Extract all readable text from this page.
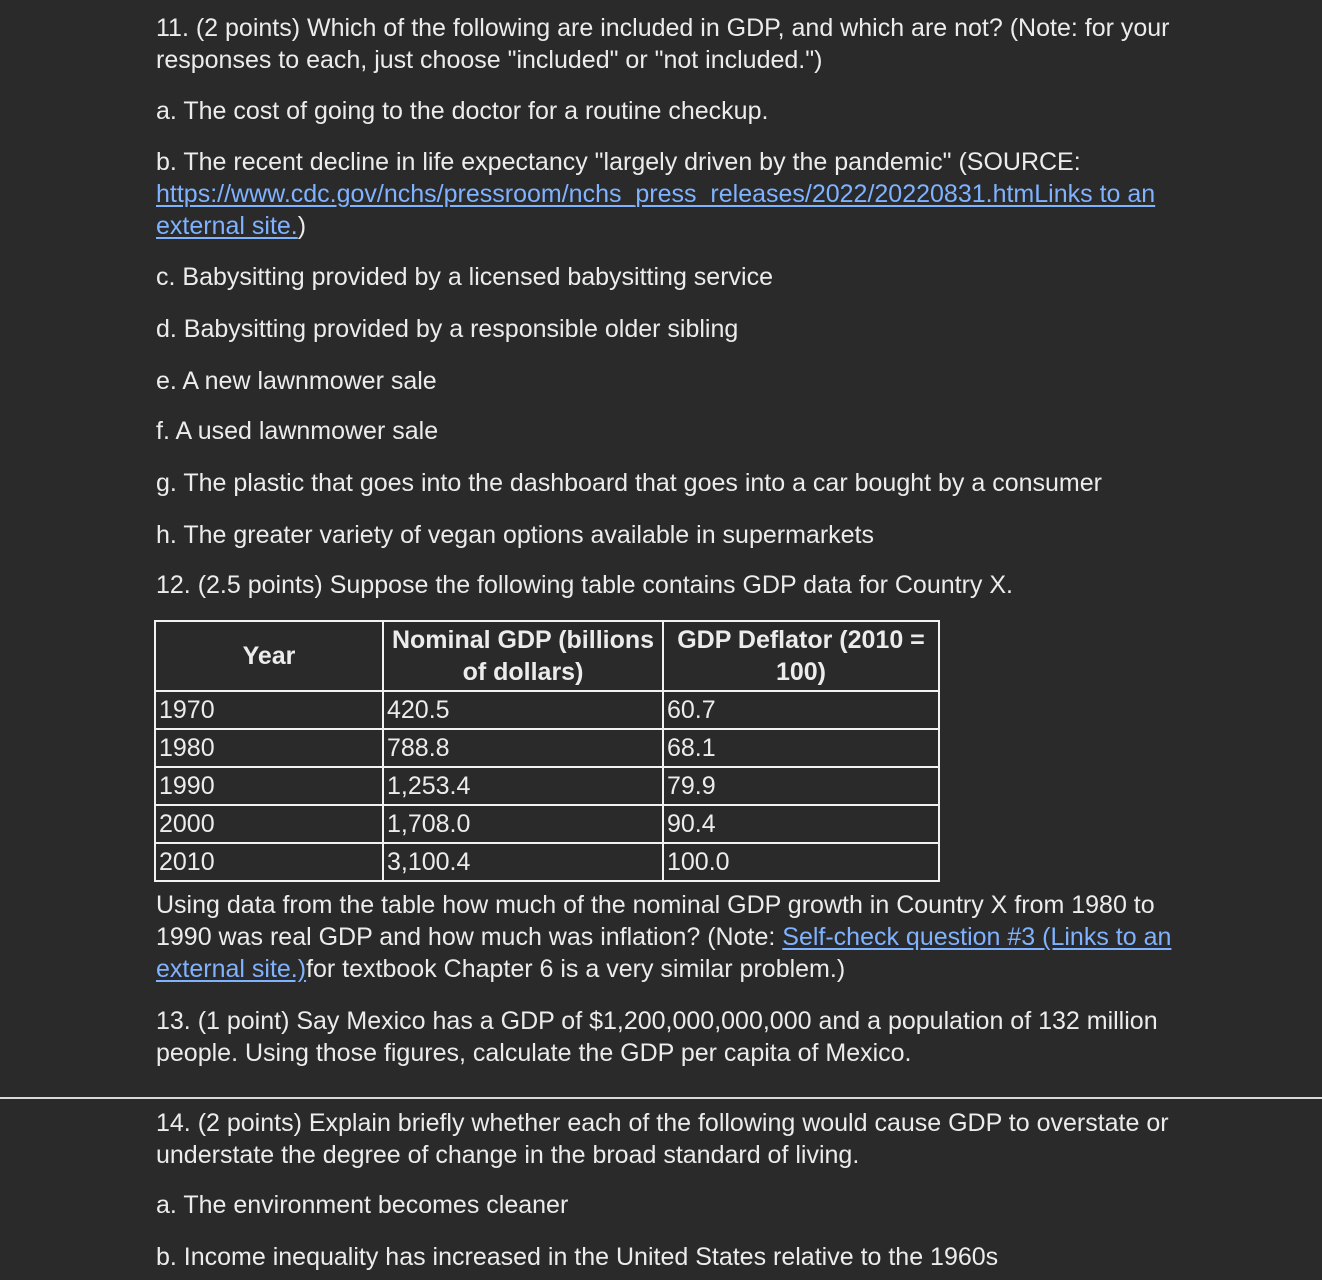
11. (2 points) Which of the following are included in GDP, and which are not? (Note: for your responses to each, just choose "included" or "not included.")
a. The cost of going to the doctor for a routine checkup.
b. The recent decline in life expectancy "largely driven by the pandemic" (SOURCE: https://www.cdc.gov/nchs/pressroom/nchs_press_releases/2022/20220831.htmLinks to an external site.)
c. Babysitting provided by a licensed babysitting service
d. Babysitting provided by a responsible older sibling
e. A new lawnmower sale
f. A used lawnmower sale
g. The plastic that goes into the dashboard that goes into a car bought by a consumer
h. The greater variety of vegan options available in supermarkets
12. (2.5 points) Suppose the following table contains GDP data for Country X.
Using data from the table how much of the nominal GDP growth in Country X from 1980 to 1990 was real GDP and how much was inflation? (Note: Self-check question #3 (Links to an external site.)for textbook Chapter 6 is a very similar problem.)
13. (1 point) Say Mexico has a GDP of $1,200,000,000,000 and a population of 132 million people. Using those figures, calculate the GDP per capita of Mexico.
14. (2 points) Explain briefly whether each of the following would cause GDP to overstate or understate the degree of change in the broad standard of living.
a. The environment becomes cleaner
b. Income inequality has increased in the United States relative to the 1960s
Year	Nominal GDP (billions of dollars)	GDP Deflator (2010 = 100)
1970	420.5	60.7
1980	788.8	68.1
1990	1,253.4	79.9
2000	1,708.0	90.4
2010	3,100.4	100.0
